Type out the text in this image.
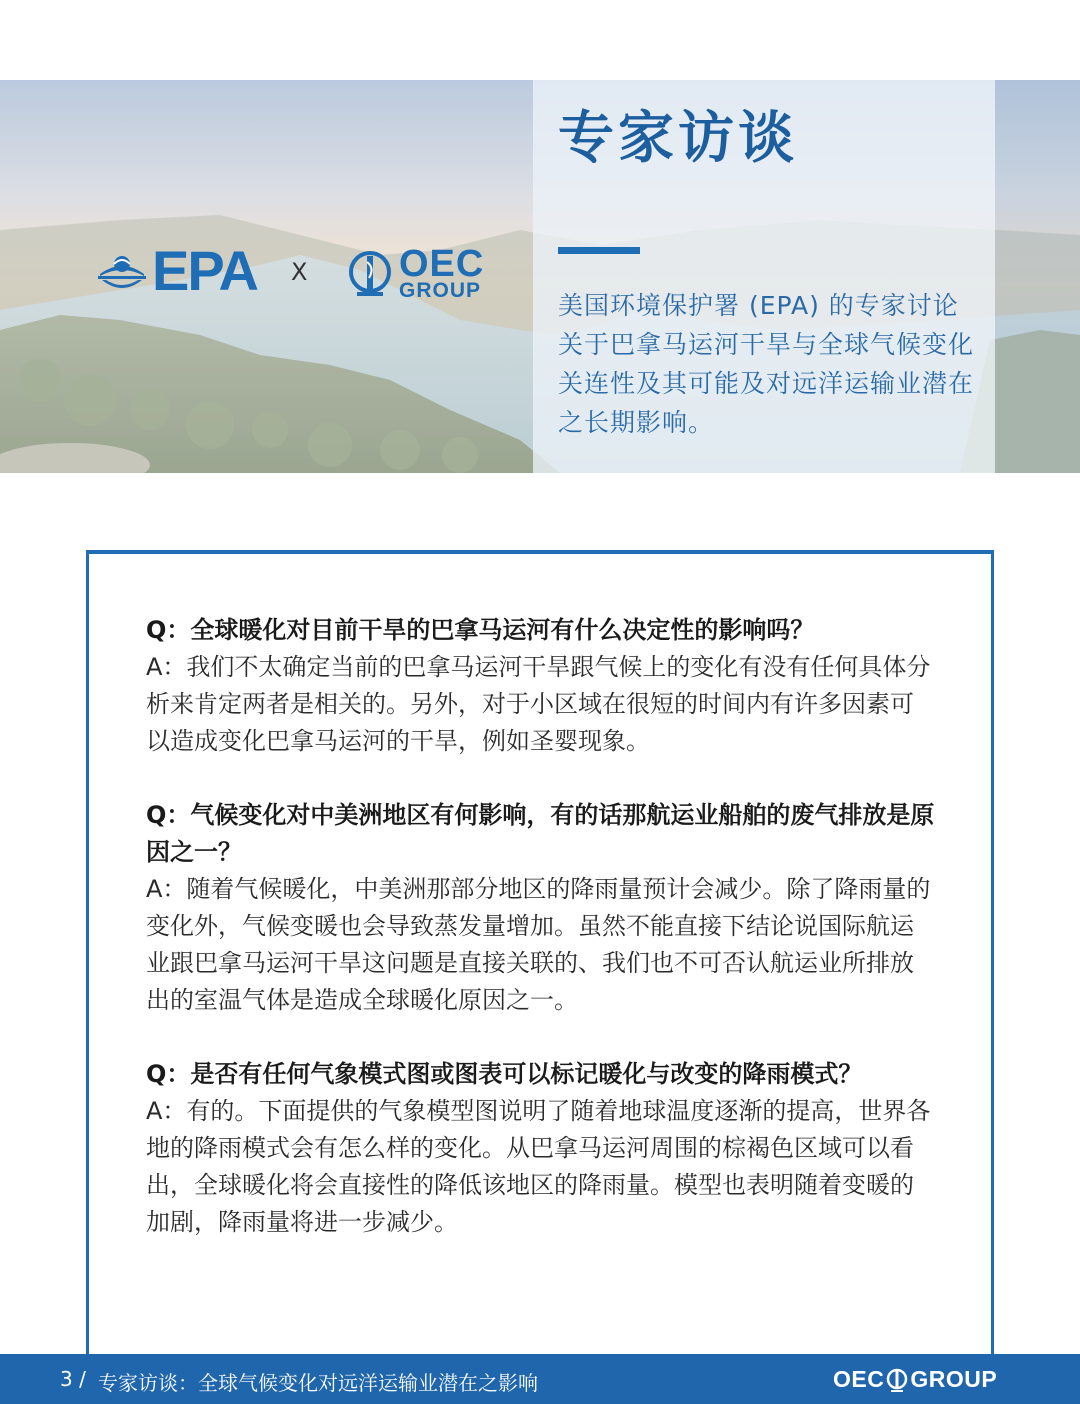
专家访谈

美国环境保护署 (EPA) 的专家讨论关于巴拿马运河干旱与全球气候变化关连性及其可能及对远洋运输业潜在之长期影响。

EPA X OEC
GROUP

Q：全球暖化对目前干旱的巴拿马运河有什么决定性的影响吗？

A：我们不太确定当前的巴拿马运河干旱跟气候上的变化有没有任何具体分析来肯定两者是相关的。另外，对于小区域在很短的时间内有许多因素可以造成变化巴拿马运河的干旱，例如圣婴现象。

Q：气候变化对中美洲地区有何影响，有的话那航运业船舶的废气排放是原因之一？

A：随着气候暖化，中美洲那部分地区的降雨量预计会减少。除了降雨量的变化外，气候变暖也会导致蒸发量增加。虽然不能直接下结论说国际航运业跟巴拿马运河干旱这问题是直接关联的、我们也不可否认航运业所排放出的室温气体是造成全球暖化原因之一。

Q：是否有任何气象模式图或图表可以标记暖化与改变的降雨模式？

A：有的。下面提供的气象模型图说明了随着地球温度逐渐的提高，世界各地的降雨模式会有怎么样的变化。从巴拿马运河周围的棕褐色区域可以看出，全球暖化将会直接性的降低该地区的降雨量。模型也表明随着变暖的加剧，降雨量将进一步减少。

3 / 专家访谈：全球气候变化对远洋运输业潜在之影响	OEC GROUP
